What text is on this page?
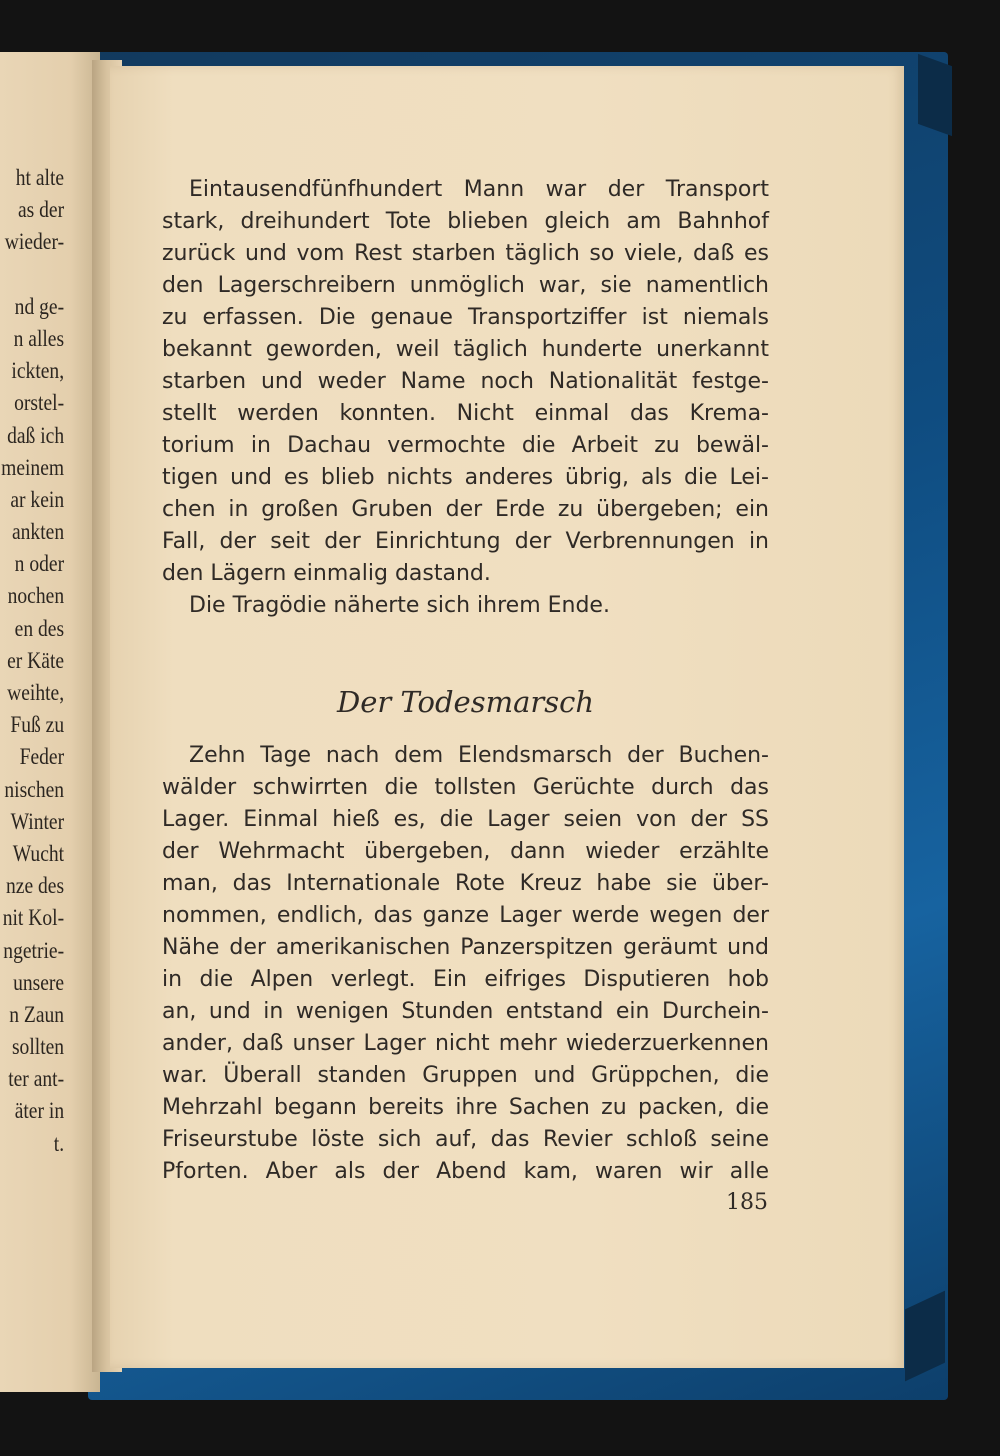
ht alte
as der
wieder-
nd ge-
n alles
ickten,
orstel-
daß ich
meinem
ar kein
ankten
n oder
nochen
en des
er Käte
weihte,
Fuß zu
Feder
nischen
Winter
Wucht
nze des
nit Kol-
ngetrie-
unsere
n Zaun
sollten
ter ant-
äter in
t.
Eintausendfünfhundert Mann war der Transport
stark, dreihundert Tote blieben gleich am Bahnhof
zurück und vom Rest starben täglich so viele, daß es
den Lagerschreibern unmöglich war, sie namentlich
zu erfassen. Die genaue Transportziffer ist niemals
bekannt geworden, weil täglich hunderte unerkannt
starben und weder Name noch Nationalität festge-
stellt werden konnten. Nicht einmal das Krema-
torium in Dachau vermochte die Arbeit zu bewäl-
tigen und es blieb nichts anderes übrig, als die Lei-
chen in großen Gruben der Erde zu übergeben; ein
Fall, der seit der Einrichtung der Verbrennungen in
den Lägern einmalig dastand.
Die Tragödie näherte sich ihrem Ende.
Der Todesmarsch
Zehn Tage nach dem Elendsmarsch der Buchen-
wälder schwirrten die tollsten Gerüchte durch das
Lager. Einmal hieß es, die Lager seien von der SS
der Wehrmacht übergeben, dann wieder erzählte
man, das Internationale Rote Kreuz habe sie über-
nommen, endlich, das ganze Lager werde wegen der
Nähe der amerikanischen Panzerspitzen geräumt und
in die Alpen verlegt. Ein eifriges Disputieren hob
an, und in wenigen Stunden entstand ein Durchein-
ander, daß unser Lager nicht mehr wiederzuerkennen
war. Überall standen Gruppen und Grüppchen, die
Mehrzahl begann bereits ihre Sachen zu packen, die
Friseurstube löste sich auf, das Revier schloß seine
Pforten. Aber als der Abend kam, waren wir alle
185
